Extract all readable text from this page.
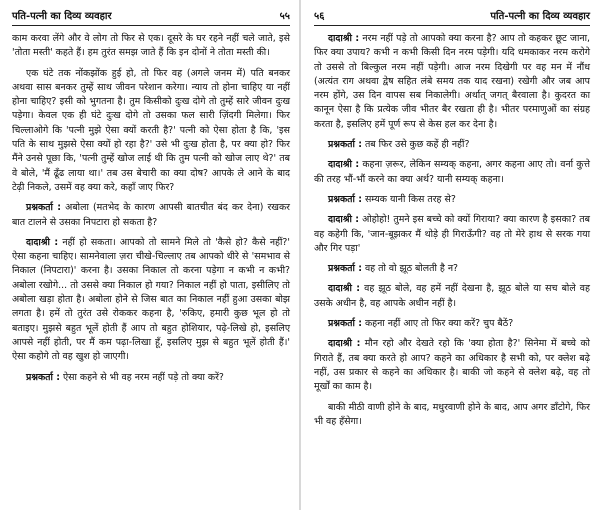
पति-पत्नी का दिव्य व्यवहार	५५

काम करवा लेंगे और वे लोग तो फिर से एक। दूसरे के घर रहने नहीं चले जाते, इसे 'तोता मस्ती' कहते हैं। हम तुरंत समझ जाते हैं कि इन दोनों ने तोता मस्ती की।

एक घंटे तक नोंकझोंक हुई हो, तो फिर वह (अगले जनम में) पति बनकर अथवा सास बनकर तुम्हें साथ जीवन परेशान करेगा। न्याय तो होना चाहिए या नहीं होना चाहिए? इसी को भुगतना है। तुम किसीको दुःख दोगे तो तुम्हें सारे जीवन दुःख पड़ेगा। केवल एक ही घंटे दुःख दोगे तो उसका फल सारी ज़िंदगी मिलेगा। फिर चिल्लाओगे कि 'पत्नी मुझे ऐसा क्यों करती है?' पत्नी को ऐसा होता है कि, 'इस पति के साथ मुझसे ऐसा क्यों हो रहा है?' उसे भी दुःख होता है, पर क्या हो? फिर मैंने उनसे पूछा कि, 'पत्नी तुम्हें खोज लाई थी कि तुम पत्नी को खोज लाए थे?' तब वे बोले, 'मैं ढूँढ लाया था।' तब उस बेचारी का क्या दोष? आपके ले आने के बाद टेढ़ी निकले, उसमें वह क्या करे, कहाँ जाए फिर?

प्रश्नकर्ता : अबोला (मतभेद के कारण आपसी बातचीत बंद कर देना) रखकर बात टालने से उसका निपटारा हो सकता है?

दादाश्री : नहीं हो सकता। आपको तो सामने मिले तो 'कैसे हो? कैसे नहीं?' ऐसा कहना चाहिए। सामनेवाला ज़रा चीखे-चिल्लाए तब आपको धीरे से 'समभाव से निकाल (निपटारा)' करना है। उसका निकाल तो करना पड़ेगा न कभी न कभी? अबोला रखोगे... तो उससे क्या निकाल हो गया? निकाल नहीं हो पाता, इसीलिए तो अबोला खड़ा होता है। अबोला होने से जिस बात का निकाल नहीं हुआ उसका बोझ लगता है। हमें तो तुरंत उसे रोककर कहना है, 'रुकिए, हमारी कुछ भूल हो तो बताइए। मुझसे बहुत भूलें होती हैं आप तो बहुत होशियार, पढ़े-लिखे हो, इसलिए आपसे नहीं होती, पर मैं कम पढ़ा-लिखा हूँ, इसलिए मुझ से बहुत भूलें होती हैं।' ऐसा कहोगे तो वह खुश हो जाएगी।

प्रश्नकर्ता : ऐसा कहने से भी वह नरम नहीं पड़े तो क्या करें?

५६	पति-पत्नी का दिव्य व्यवहार

दादाश्री : नरम नहीं पड़े तो आपको क्या करना है? आप तो कहकर छूट जाना, फिर क्या उपाय? कभी न कभी किसी दिन नरम पड़ेगी। यदि धमकाकर नरम करोगे तो उससे तो बिल्कुल नरम नहीं पड़ेगी। आज नरम दिखेगी पर वह मन में नौंध (अत्यंत राग अथवा द्वेष सहित लंबे समय तक याद रखना) रखेगी और जब आप नरम होंगे, उस दिन वापस सब निकालेगी। अर्थात् जगत् बैरवाला है। कुदरत का कानून ऐसा है कि प्रत्येक जीव भीतर बैर रखता ही है। भीतर परमाणुओं का संग्रह करता है, इसलिए हमें पूर्ण रूप से केस हल कर देना है।

प्रश्नकर्ता : तब फिर उसे कुछ कहें ही नहीं?

दादाश्री : कहना ज़रूर, लेकिन सम्यक् कहना, अगर कहना आए तो। वर्ना कुत्ते की तरह भौं-भौं करने का क्या अर्थ? यानी सम्यक् कहना।

प्रश्नकर्ता : सम्यक यानी किस तरह से?

दादाश्री : ओहोहो! तुमने इस बच्चे को क्यों गिराया? क्या कारण है इसका? तब वह कहेगी कि, 'जान-बूझकर मैं थोड़े ही गिराऊँगी? वह तो मेरे हाथ से सरक गया और गिर पड़ा'

प्रश्नकर्ता : वह तो वो झूठ बोलती है न?

दादाश्री : वह झूठ बोले, वह हमें नहीं देखना है, झूठ बोले या सच बोले वह उसके अधीन है, वह आपके अधीन नहीं है।

प्रश्नकर्ता : कहना नहीं आए तो फिर क्या करें? चुप बैठें?

दादाश्री : मौन रहो और देखते रहो कि 'क्या होता है?' सिनेमा में बच्चे को गिराते हैं, तब क्या करते हो आप? कहने का अधिकार है सभी को, पर क्लेश बढ़े नहीं, उस प्रकार से कहने का अधिकार है। बाकी जो कहने से क्लेश बढ़े, वह तो मूर्खों का काम है।

बाकी मीठी वाणी होने के बाद, मधुरवाणी होने के बाद, आप अगर डाँटोगे, फिर भी वह हँसेगा।
